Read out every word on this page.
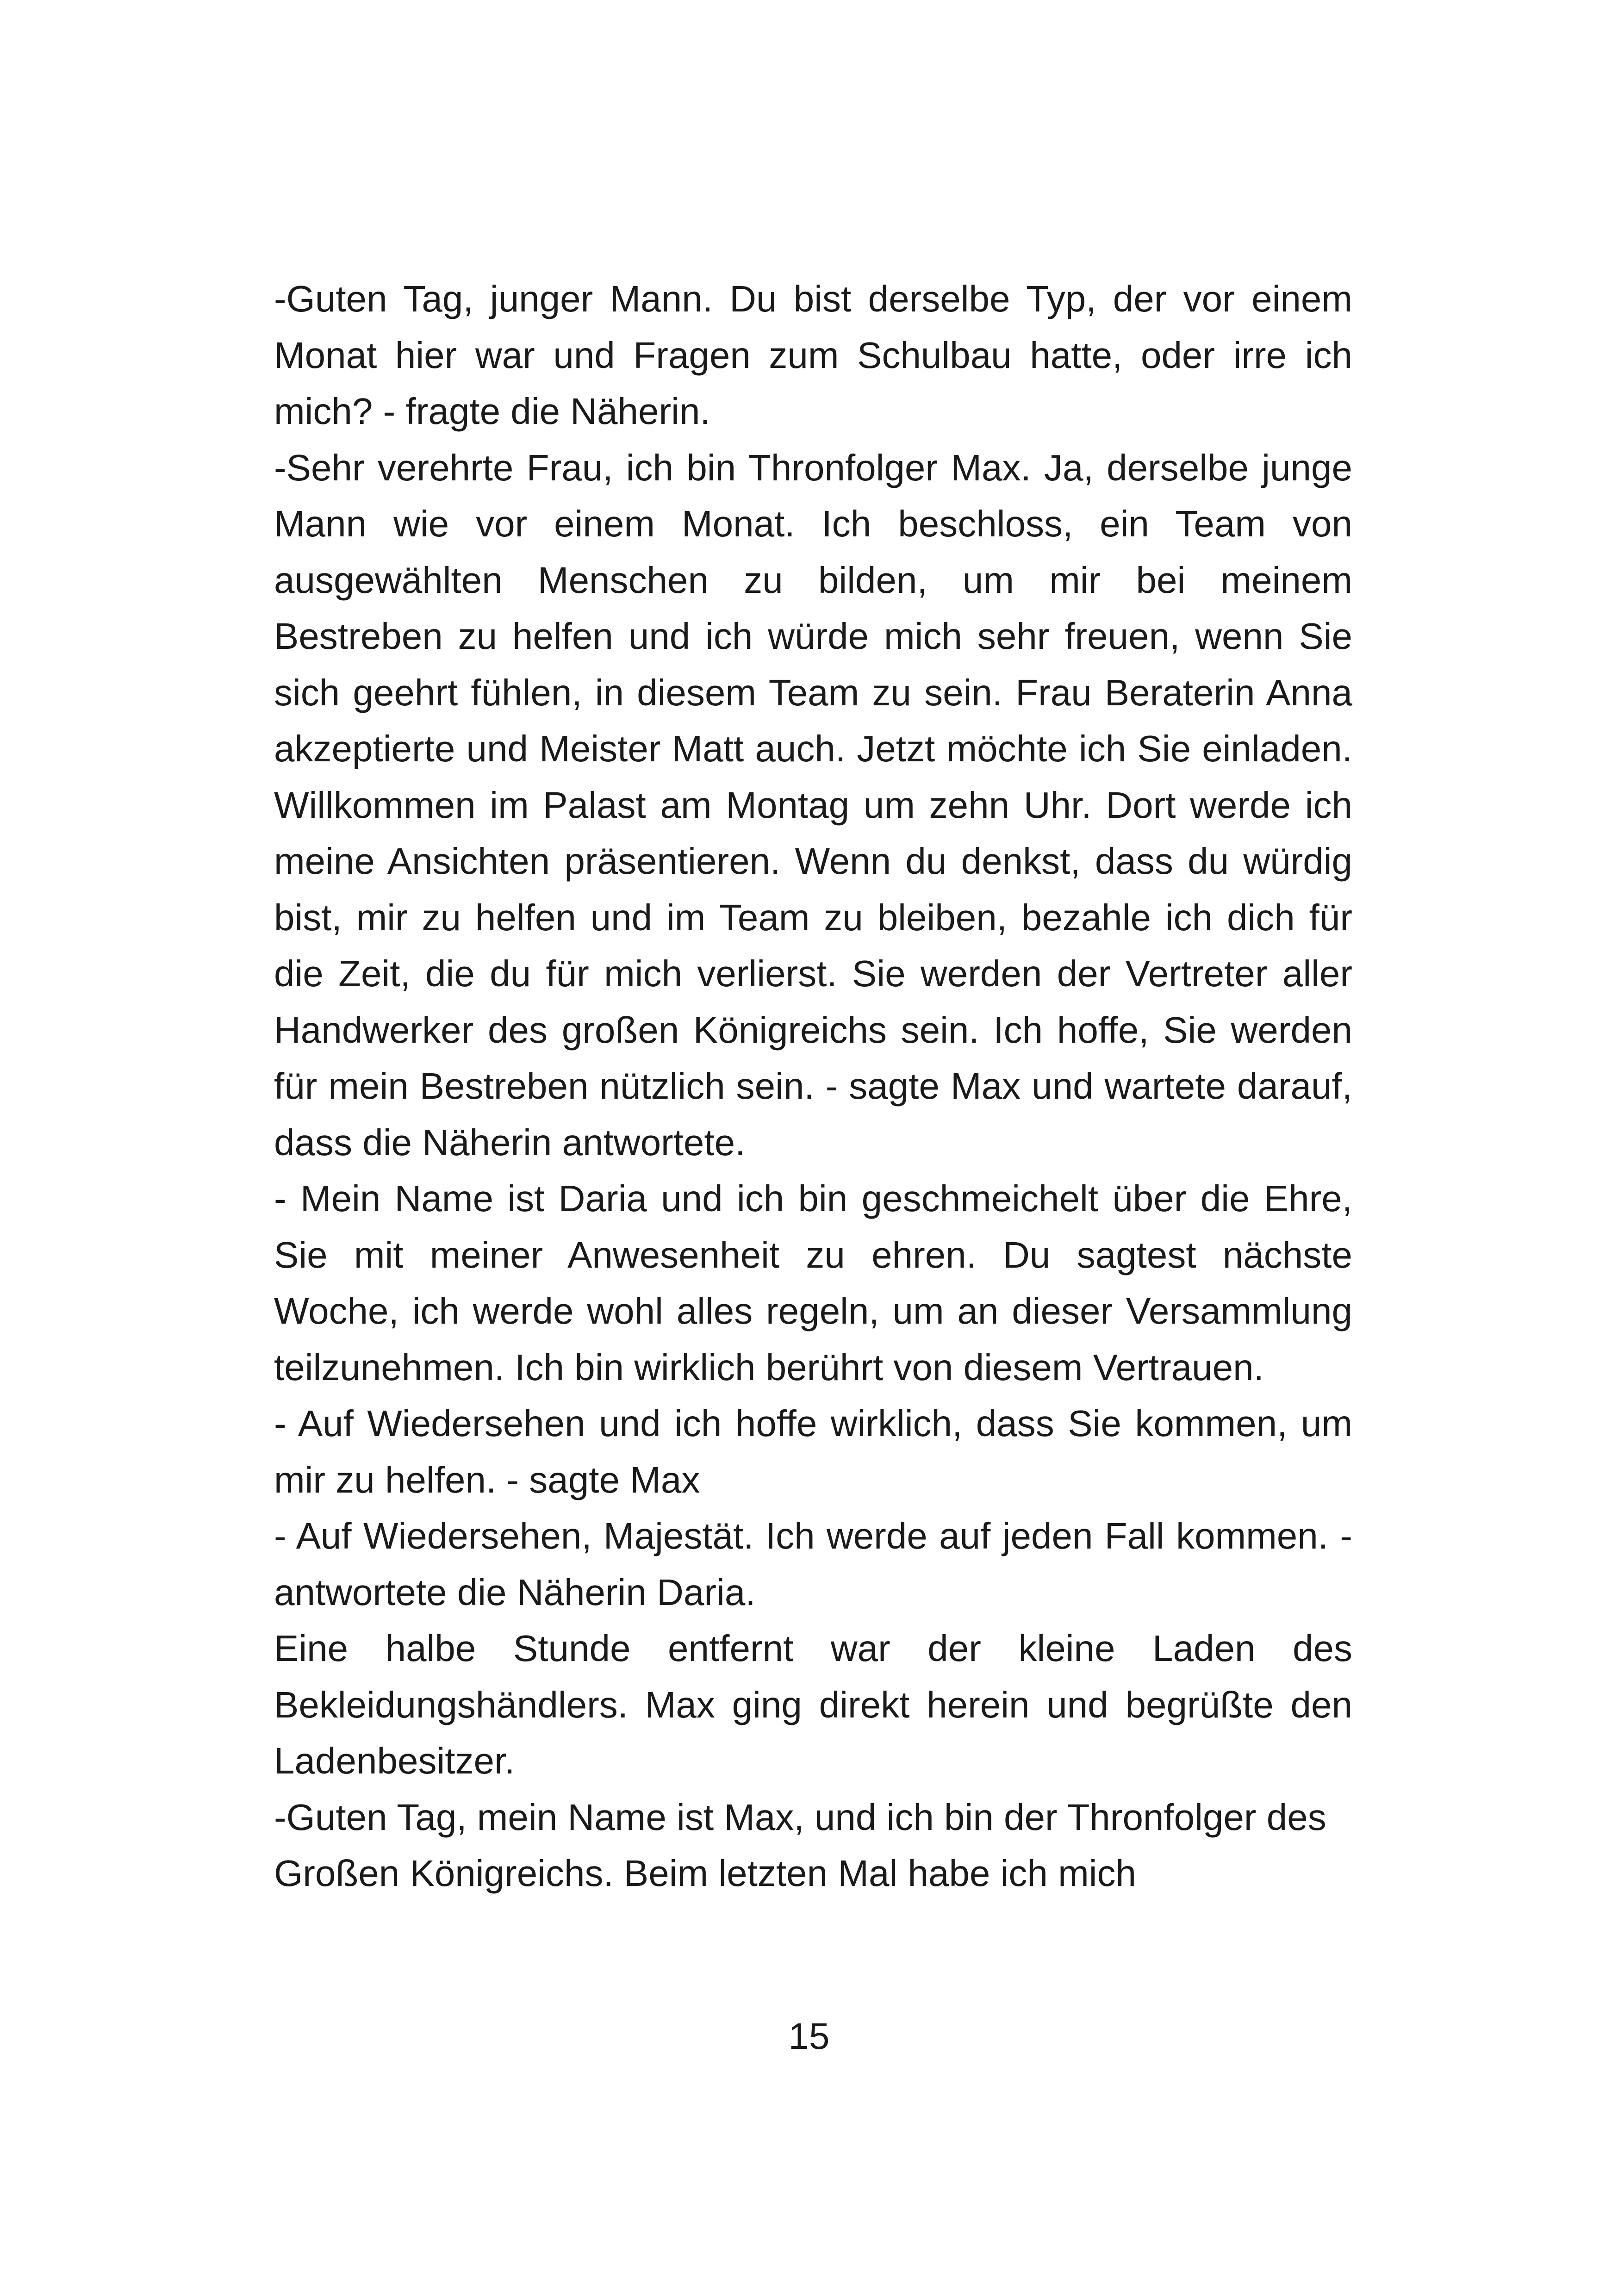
-Guten Tag, junger Mann. Du bist derselbe Typ, der vor einem Monat hier war und Fragen zum Schulbau hatte, oder irre ich mich? - fragte die Näherin.

-Sehr verehrte Frau, ich bin Thronfolger Max. Ja, derselbe junge Mann wie vor einem Monat. Ich beschloss, ein Team von ausgewählten Menschen zu bilden, um mir bei meinem Bestreben zu helfen und ich würde mich sehr freuen, wenn Sie sich geehrt fühlen, in diesem Team zu sein. Frau Beraterin Anna akzeptierte und Meister Matt auch. Jetzt möchte ich Sie einladen. Willkommen im Palast am Montag um zehn Uhr. Dort werde ich meine Ansichten präsentieren. Wenn du denkst, dass du würdig bist, mir zu helfen und im Team zu bleiben, bezahle ich dich für die Zeit, die du für mich verlierst. Sie werden der Vertreter aller Handwerker des großen Königreichs sein. Ich hoffe, Sie werden für mein Bestreben nützlich sein. - sagte Max und wartete darauf, dass die Näherin antwortete.

- Mein Name ist Daria und ich bin geschmeichelt über die Ehre, Sie mit meiner Anwesenheit zu ehren. Du sagtest nächste Woche, ich werde wohl alles regeln, um an dieser Versammlung teilzunehmen. Ich bin wirklich berührt von diesem Vertrauen.

- Auf Wiedersehen und ich hoffe wirklich, dass Sie kommen, um mir zu helfen. - sagte Max

- Auf Wiedersehen, Majestät. Ich werde auf jeden Fall kommen. - antwortete die Näherin Daria.

Eine halbe Stunde entfernt war der kleine Laden des Bekleidungshändlers. Max ging direkt herein und begrüßte den Ladenbesitzer.

-Guten Tag, mein Name ist Max, und ich bin der Thronfolger des Großen Königreichs. Beim letzten Mal habe ich mich

15
